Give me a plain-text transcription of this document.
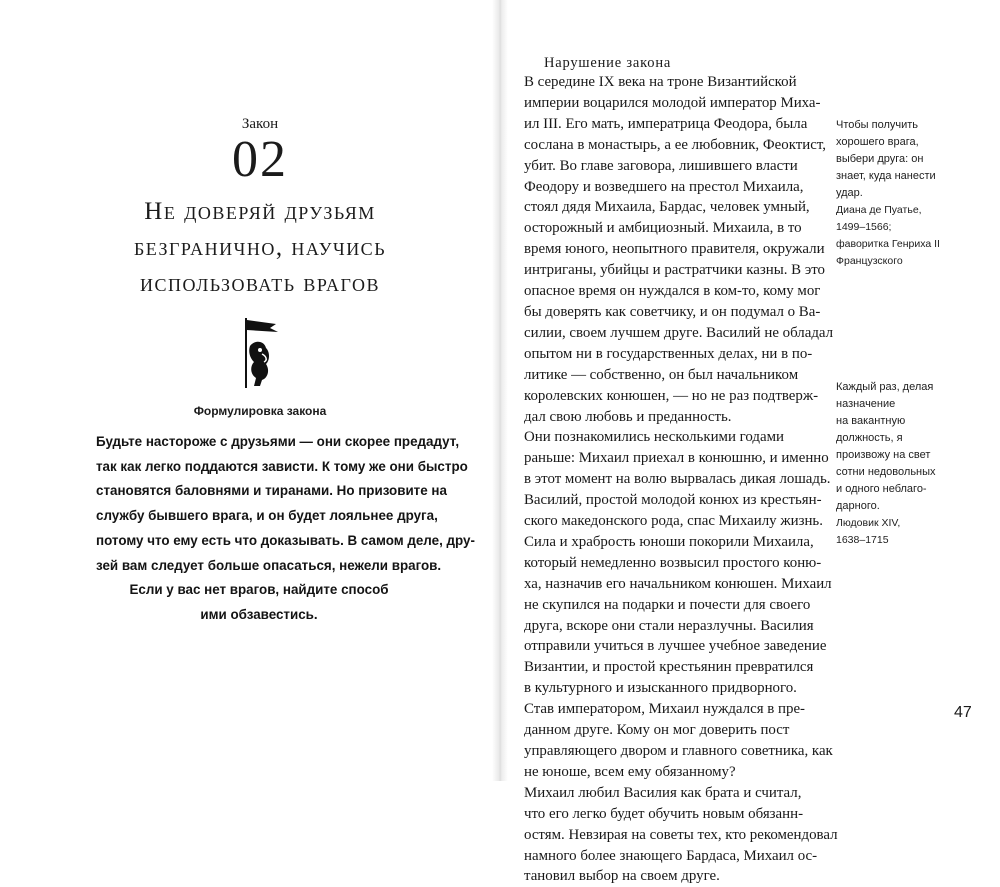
Закон
02
Не доверяй друзьям
безгранично, научись
использовать врагов
Формулировка закона
Будьте настороже с друзьями — они скорее предадут,
так как легко поддаются зависти. К тому же они быстро
становятся баловнями и тиранами. Но призовите на
службу бывшего врага, и он будет лояльнее друга,
потому что ему есть что доказывать. В самом деле, дру-
зей вам следует больше опасаться, нежели врагов.
Если у вас нет врагов, найдите способ
ими обзавестись.
Нарушение закона
В середине IX века на троне Византийской
империи воцарился молодой император Миха-
ил III. Его мать, императрица Феодора, была
сослана в монастырь, а ее любовник, Феоктист,
убит. Во главе заговора, лишившего власти
Феодору и возведшего на престол Михаила,
стоял дядя Михаила, Бардас, человек умный,
осторожный и амбициозный. Михаила, в то
время юного, неопытного правителя, окружали
интриганы, убийцы и растратчики казны. В это
опасное время он нуждался в ком-то, кому мог
бы доверять как советчику, и он подумал о Ва-
силии, своем лучшем друге. Василий не обладал
опытом ни в государственных делах, ни в по-
литике — собственно, он был начальником
королевских конюшен, — но не раз подтверж-
дал свою любовь и преданность.
Они познакомились несколькими годами
раньше: Михаил приехал в конюшню, и именно
в этот момент на волю вырвалась дикая лошадь.
Василий, простой молодой конюх из крестьян-
ского македонского рода, спас Михаилу жизнь.
Сила и храбрость юноши покорили Михаила,
который немедленно возвысил простого коню-
ха, назначив его начальником конюшен. Михаил
не скупился на подарки и почести для своего
друга, вскоре они стали неразлучны. Василия
отправили учиться в лучшее учебное заведение
Византии, и простой крестьянин превратился
в культурного и изысканного придворного.
Став императором, Михаил нуждался в пре-
данном друге. Кому он мог доверить пост
управляющего двором и главного советника, как
не юноше, всем ему обязанному?
Михаил любил Василия как брата и считал,
что его легко будет обучить новым обязанн-
остям. Невзирая на советы тех, кто рекомендовал
намного более знающего Бардаса, Михаил ос-
тановил выбор на своем друге.
Чтобы получить
хорошего врага,
выбери друга: он
знает, куда нанести
удар.
Диана де Пуатье,
1499–1566;
фаворитка Генриха II
Французского
Каждый раз, делая
назначение
на вакантную
должность, я
произвожу на свет
сотни недовольных
и одного неблаго-
дарного.
Людовик XIV,
1638–1715
47
